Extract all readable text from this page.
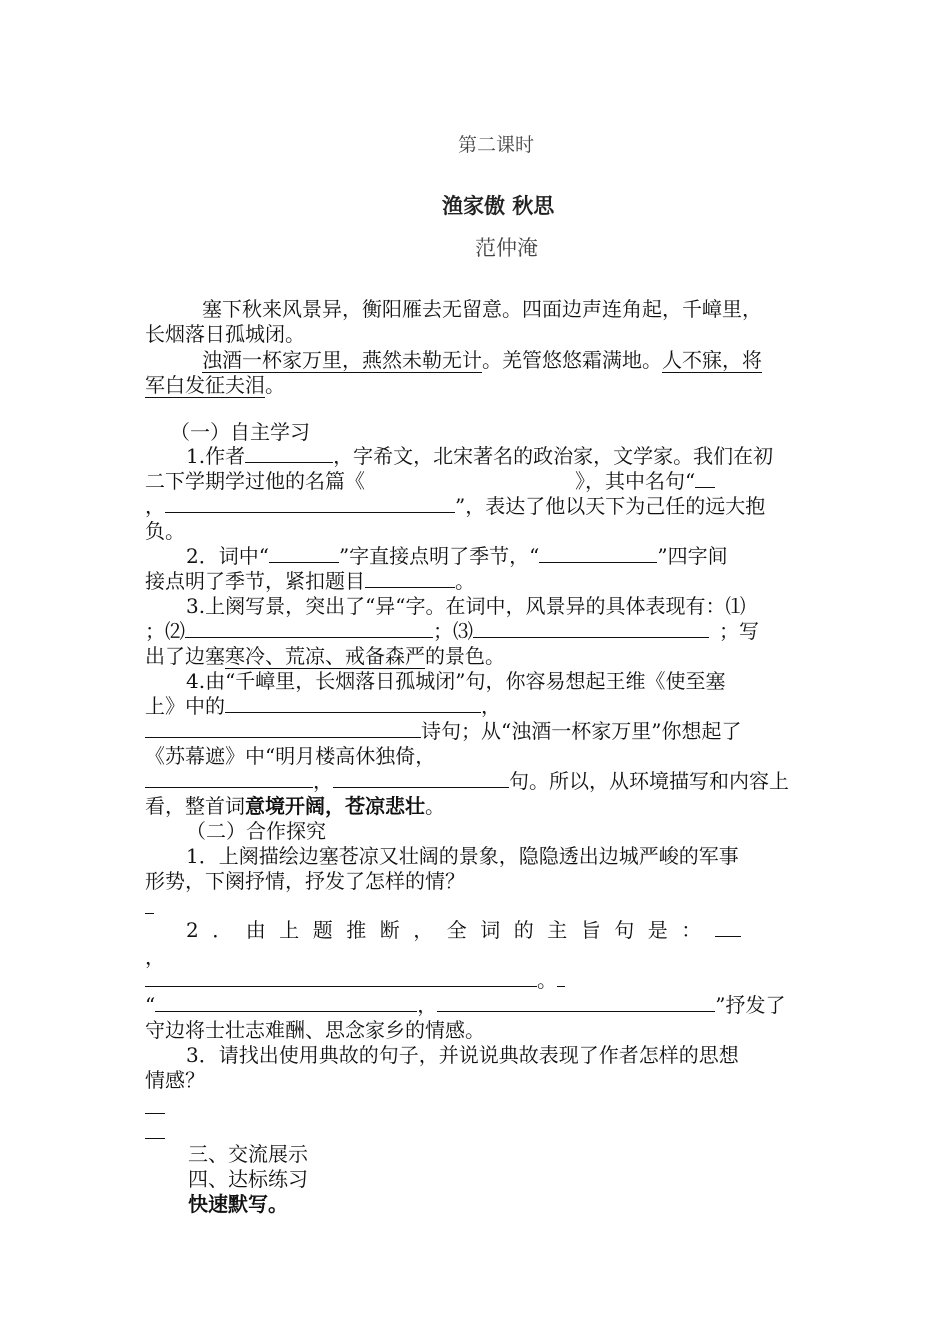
第二课时
渔家傲 秋思
范仲淹
塞下秋来风景异，衡阳雁去无留意。四面边声连角起，千嶂里，
长烟落日孤城闭。
浊酒一杯家万里，燕然未勒无计。羌管悠悠霜满地。人不寐，将
军白发征夫泪。
（一）自主学习
1.作者	，字希文，北宋著名的政治家，文学家。我们在初
二下学期学过他的名篇《	》，其中名句“
，	”，表达了他以天下为己任的远大抱
负。
2．词中“	”字直接点明了季节，“	”四字间
接点明了季节，紧扣题目	。
3.上阕写景，突出了“异“字。在词中，风景异的具体表现有：⑴
；⑵	；⑶	；写
出了边塞寒冷、荒凉、戒备森严的景色。
4.由“千嶂里，长烟落日孤城闭”句，你容易想起王维《使至塞
上》中的	，
诗句；从“浊酒一杯家万里”你想起了
《苏幕遮》中“明月楼高休独倚，
，	句。所以，从环境描写和内容上
看，整首词意境开阔，苍凉悲壮。
（二）合作探究
1．上阕描绘边塞苍凉又壮阔的景象，隐隐透出边城严峻的军事
形势，下阕抒情，抒发了怎样的情？
2．由上题推断，全词的主旨句是：
，
。
“	，	”抒发了
守边将士壮志难酬、思念家乡的情感。
3．请找出使用典故的句子，并说说典故表现了作者怎样的思想
情感？
三、交流展示
四、达标练习
快速默写。
